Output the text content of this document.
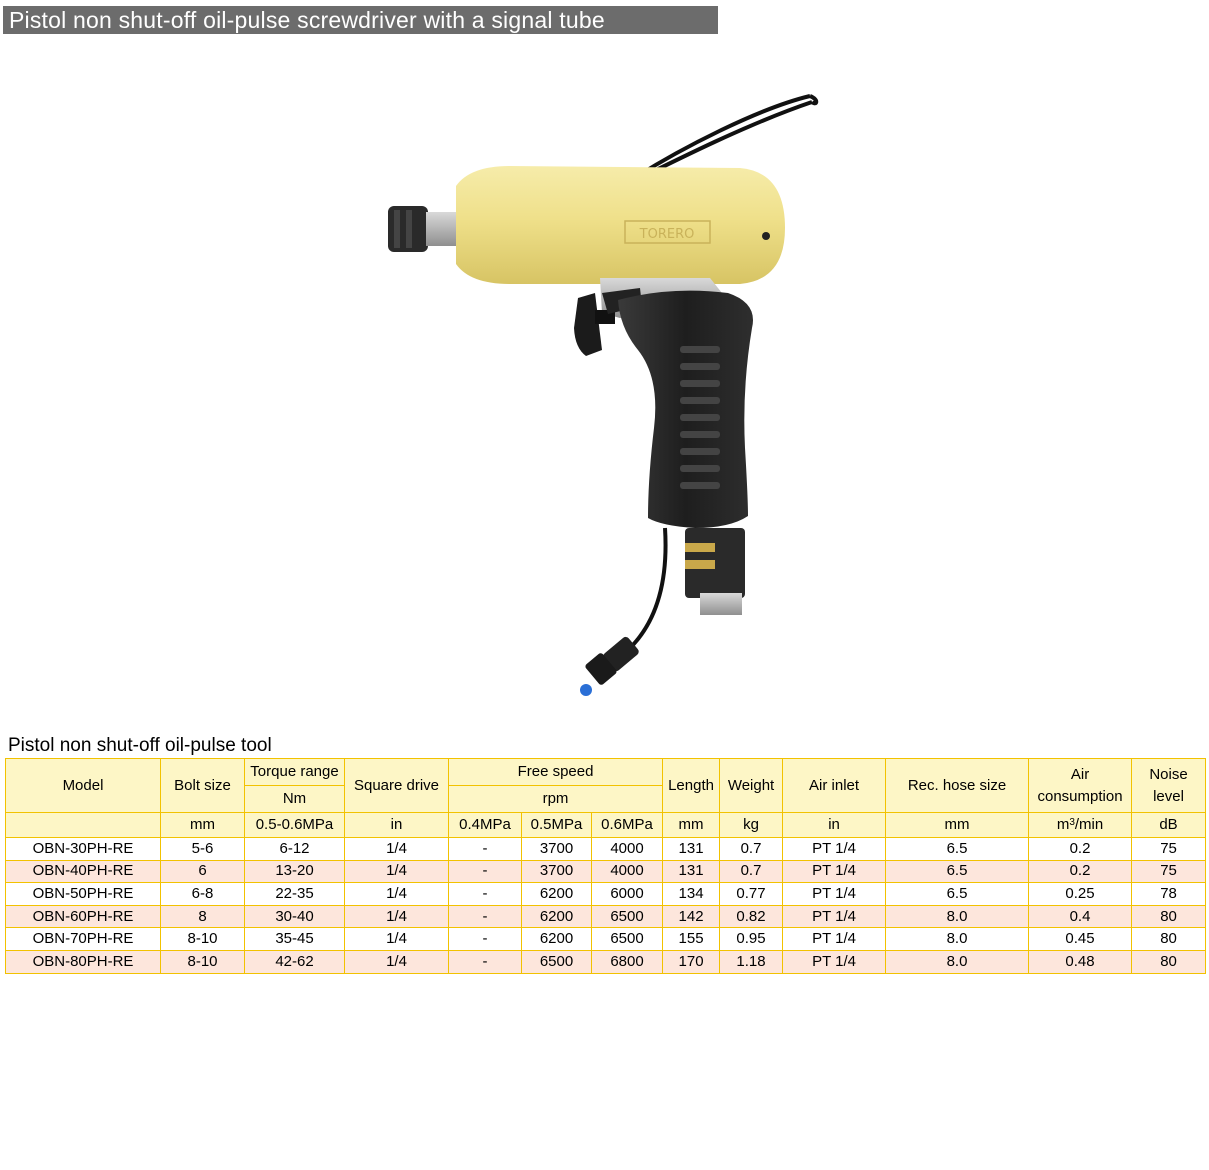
Pistol non shut-off oil-pulse screwdriver with a signal tube
TORERO
Pistol non shut-off oil-pulse tool
Model	Bolt size	Torque range	Square drive	Free speed			Length	Weight	Air inlet	Rec. hose size	Air consumption	Noise level
		Nm		rpm								
	mm	0.5-0.6MPa	in	0.4MPa	0.5MPa	0.6MPa	mm	kg	in	mm	$m^3/\min$	dB
OBN-30PH-RE	5-6	6-12	1/4	-	3700	4000	131	0.7	PT 1/4	6.5	0.2	75
OBN-40PH-RE	6	13-20	1/4	-	3700	4000	131	0.7	PT 1/4	6.5	0.2	75
OBN-50PH-RE	6-8	22-35	1/4	-	6200	6000	134	0.77	PT 1/4	6.5	0.25	78
OBN-60PH-RE	8	30-40	1/4	-	6200	6500	142	0.82	PT 1/4	8.0	0.4	80
OBN-70PH-RE	8-10	35-45	1/4	-	6200	6500	155	0.95	PT 1/4	8.0	0.45	80
OBN-80PH-RE	8-10	42-62	1/4	-	6500	6800	170	1.18	PT 1/4	8.0	0.48	80
